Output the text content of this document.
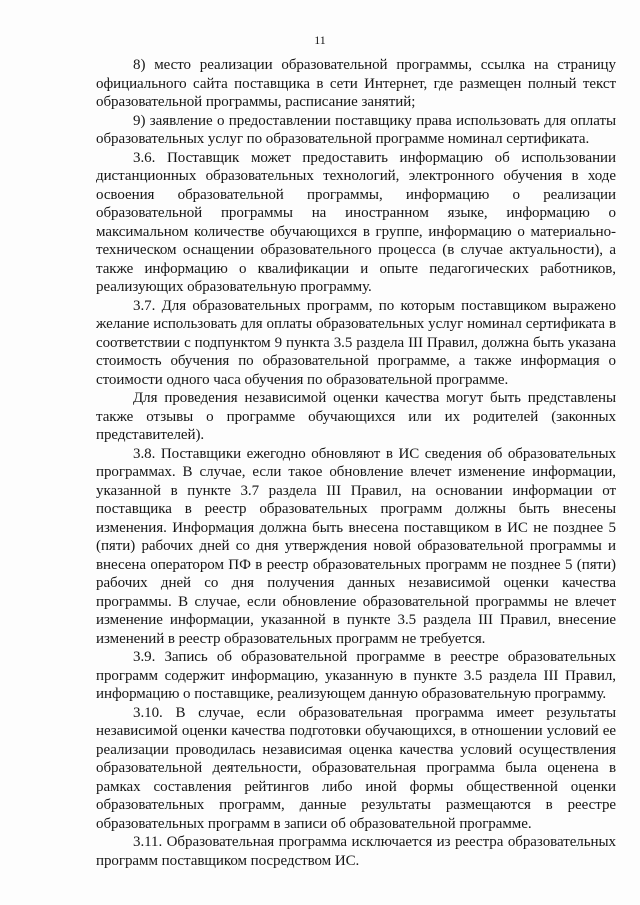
11

8) место реализации образовательной программы, ссылка на страницу официального сайта поставщика в сети Интернет, где размещен полный текст образовательной программы, расписание занятий;

9) заявление о предоставлении поставщику права использовать для оплаты образовательных услуг по образовательной программе номинал сертификата.

3.6. Поставщик может предоставить информацию об использовании дистанционных образовательных технологий, электронного обучения в ходе освоения образовательной программы, информацию о реализации образовательной программы на иностранном языке, информацию о максимальном количестве обучающихся в группе, информацию о материально-техническом оснащении образовательного процесса (в случае актуальности), а также информацию о квалификации и опыте педагогических работников, реализующих образовательную программу.

3.7. Для образовательных программ, по которым поставщиком выражено желание использовать для оплаты образовательных услуг номинал сертификата в соответствии с подпунктом 9 пункта 3.5 раздела III Правил, должна быть указана стоимость обучения по образовательной программе, а также информация о стоимости одного часа обучения по образовательной программе.

Для проведения независимой оценки качества могут быть представлены также отзывы о программе обучающихся или их родителей (законных представителей).

3.8. Поставщики ежегодно обновляют в ИС сведения об образовательных программах. В случае, если такое обновление влечет изменение информации, указанной в пункте 3.7 раздела III Правил, на основании информации от поставщика в реестр образовательных программ должны быть внесены изменения. Информация должна быть внесена поставщиком в ИС не позднее 5 (пяти) рабочих дней со дня утверждения новой образовательной программы и внесена оператором ПФ в реестр образовательных программ не позднее 5 (пяти) рабочих дней со дня получения данных независимой оценки качества программы. В случае, если обновление образовательной программы не влечет изменение информации, указанной в пункте 3.5 раздела III Правил, внесение изменений в реестр образовательных программ не требуется.

3.9. Запись об образовательной программе в реестре образовательных программ содержит информацию, указанную в пункте 3.5 раздела III Правил, информацию о поставщике, реализующем данную образовательную программу.

3.10. В случае, если образовательная программа имеет результаты независимой оценки качества подготовки обучающихся, в отношении условий ее реализации проводилась независимая оценка качества условий осуществления образовательной деятельности, образовательная программа была оценена в рамках составления рейтингов либо иной формы общественной оценки образовательных программ, данные результаты размещаются в реестре образовательных программ в записи об образовательной программе.

3.11. Образовательная программа исключается из реестра образовательных программ поставщиком посредством ИС.
